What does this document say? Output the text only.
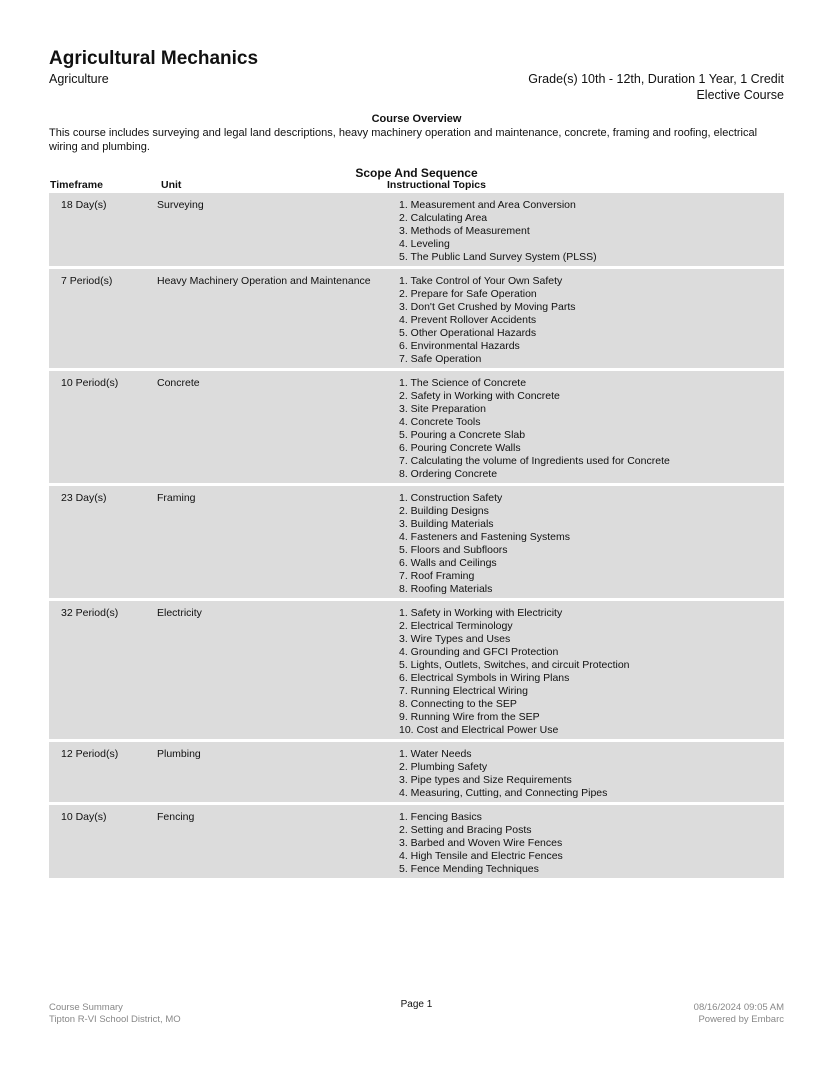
Agricultural Mechanics
Agriculture	Grade(s) 10th - 12th, Duration 1 Year, 1 Credit
Elective Course
Course Overview
This course includes surveying and legal land descriptions, heavy machinery operation and maintenance, concrete, framing and roofing, electrical wiring and plumbing.
Scope And Sequence
Timeframe	Unit	Instructional Topics
18 Day(s)	Surveying	1. Measurement and Area Conversion
2. Calculating Area
3. Methods of Measurement
4. Leveling
5. The Public Land Survey System (PLSS)
7 Period(s)	Heavy Machinery Operation and Maintenance	1. Take Control of Your Own Safety
2. Prepare for Safe Operation
3. Don't Get Crushed by Moving Parts
4. Prevent Rollover Accidents
5. Other Operational Hazards
6. Environmental Hazards
7. Safe Operation
10 Period(s)	Concrete	1. The Science of Concrete
2. Safety in Working with Concrete
3. Site Preparation
4. Concrete Tools
5. Pouring a Concrete Slab
6. Pouring Concrete Walls
7. Calculating the volume of Ingredients used for Concrete
8. Ordering Concrete
23 Day(s)	Framing	1. Construction Safety
2. Building Designs
3. Building Materials
4. Fasteners and Fastening Systems
5. Floors and Subfloors
6. Walls and Ceilings
7. Roof Framing
8. Roofing Materials
32 Period(s)	Electricity	1. Safety in Working with Electricity
2. Electrical Terminology
3. Wire Types and Uses
4. Grounding and GFCI Protection
5. Lights, Outlets, Switches, and circuit Protection
6. Electrical Symbols in Wiring Plans
7. Running Electrical Wiring
8. Connecting to the SEP
9. Running Wire from the SEP
10. Cost and Electrical Power Use
12 Period(s)	Plumbing	1. Water Needs
2. Plumbing Safety
3. Pipe types and Size Requirements
4. Measuring, Cutting, and Connecting Pipes
10 Day(s)	Fencing	1. Fencing Basics
2. Setting and Bracing Posts
3. Barbed and Woven Wire Fences
4. High Tensile and Electric Fences
5. Fence Mending Techniques
Course Summary
Tipton R-VI School District, MO
Page 1	08/16/2024 09:05 AM
Powered by Embarc
